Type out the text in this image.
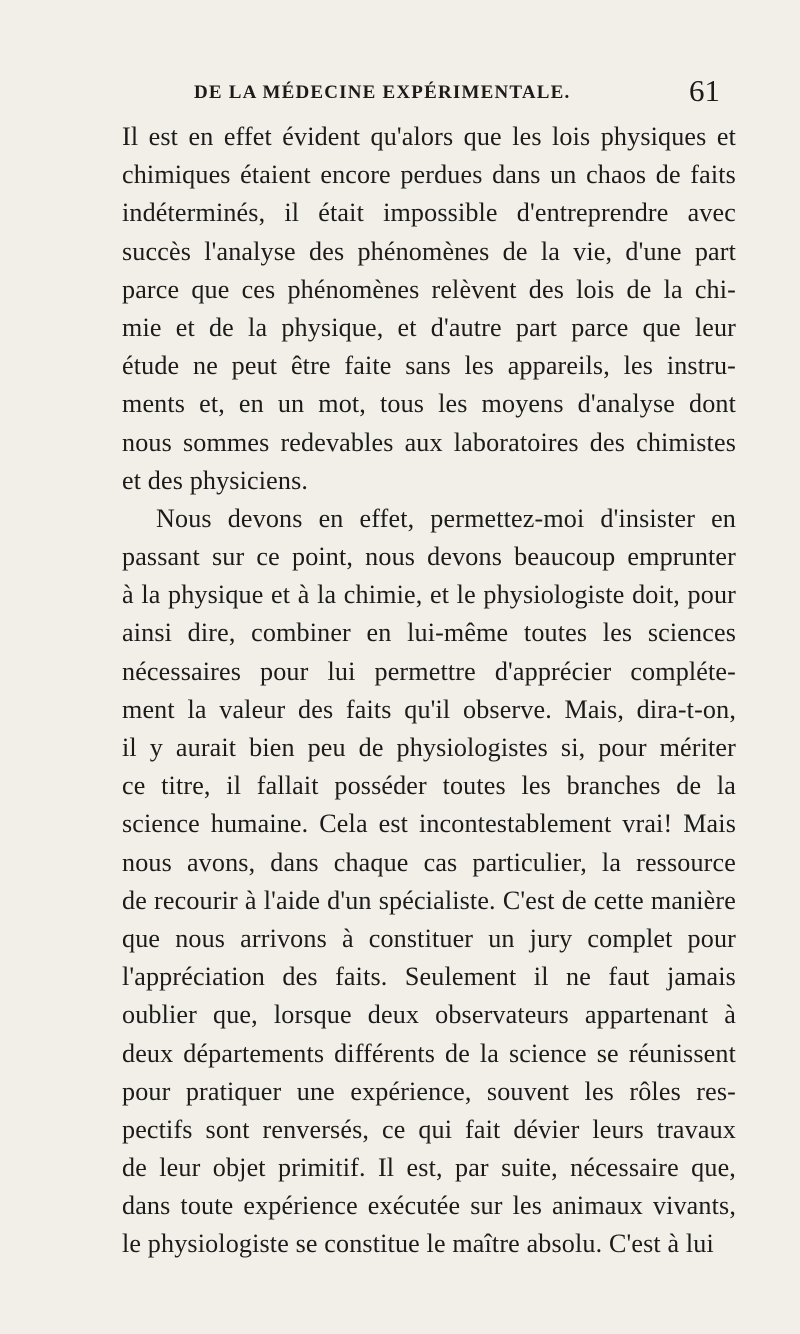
DE LA MÉDECINE EXPÉRIMENTALE.	61
Il est en effet évident qu'alors que les lois physiques et
chimiques étaient encore perdues dans un chaos de faits
indéterminés, il était impossible d'entreprendre avec
succès l'analyse des phénomènes de la vie, d'une part
parce que ces phénomènes relèvent des lois de la chi-
mie et de la physique, et d'autre part parce que leur
étude ne peut être faite sans les appareils, les instru-
ments et, en un mot, tous les moyens d'analyse dont
nous sommes redevables aux laboratoires des chimistes
et des physiciens.
Nous devons en effet, permettez-moi d'insister en
passant sur ce point, nous devons beaucoup emprunter
à la physique et à la chimie, et le physiologiste doit, pour
ainsi dire, combiner en lui-même toutes les sciences
nécessaires pour lui permettre d'apprécier compléte-
ment la valeur des faits qu'il observe. Mais, dira-t-on,
il y aurait bien peu de physiologistes si, pour mériter
ce titre, il fallait posséder toutes les branches de la
science humaine. Cela est incontestablement vrai! Mais
nous avons, dans chaque cas particulier, la ressource
de recourir à l'aide d'un spécialiste. C'est de cette manière
que nous arrivons à constituer un jury complet pour
l'appréciation des faits. Seulement il ne faut jamais
oublier que, lorsque deux observateurs appartenant à
deux départements différents de la science se réunissent
pour pratiquer une expérience, souvent les rôles res-
pectifs sont renversés, ce qui fait dévier leurs travaux
de leur objet primitif. Il est, par suite, nécessaire que,
dans toute expérience exécutée sur les animaux vivants,
le physiologiste se constitue le maître absolu. C'est à lui
